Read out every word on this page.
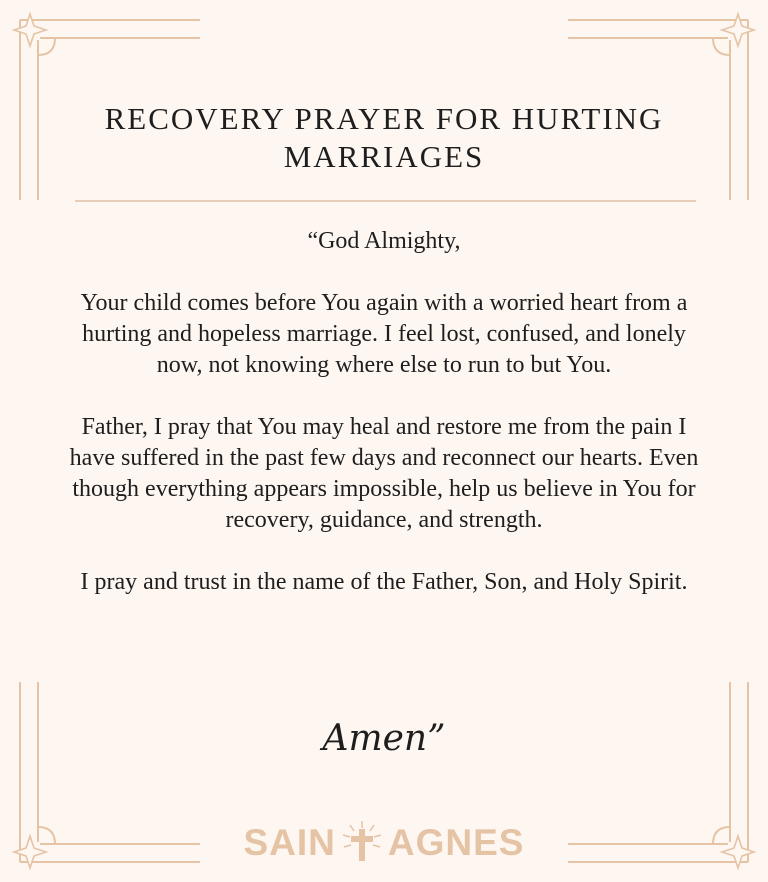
RECOVERY PRAYER FOR HURTING MARRIAGES

“God Almighty,

Your child comes before You again with a worried heart from a hurting and hopeless marriage. I feel lost, confused, and lonely now, not knowing where else to run to but You.

Father, I pray that You may heal and restore me from the pain I have suffered in the past few days and reconnect our hearts. Even though everything appears impossible, help us believe in You for recovery, guidance, and strength.

I pray and trust in the name of the Father, Son, and Holy Spirit.

Amen”
SAIN AGNES
